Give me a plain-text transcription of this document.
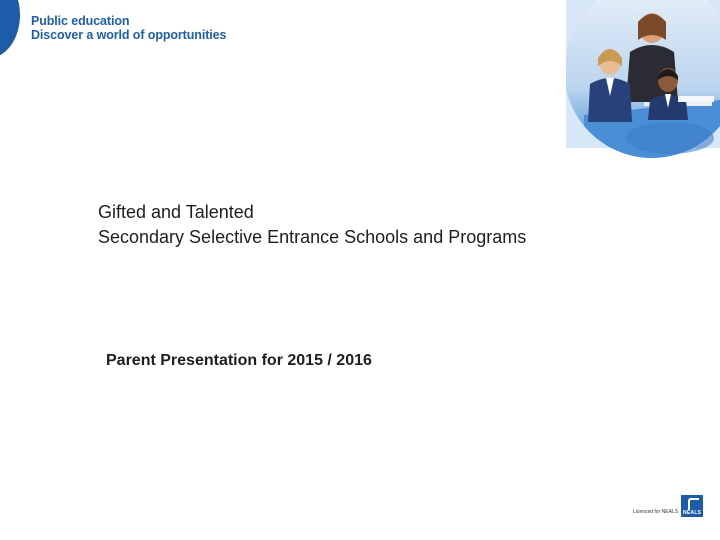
Public education
Discover a world of opportunities
Gifted and Talented
Secondary Selective Entrance Schools and Programs
Parent Presentation for 2015 / 2016
Licenced for NEALS	NEALS
